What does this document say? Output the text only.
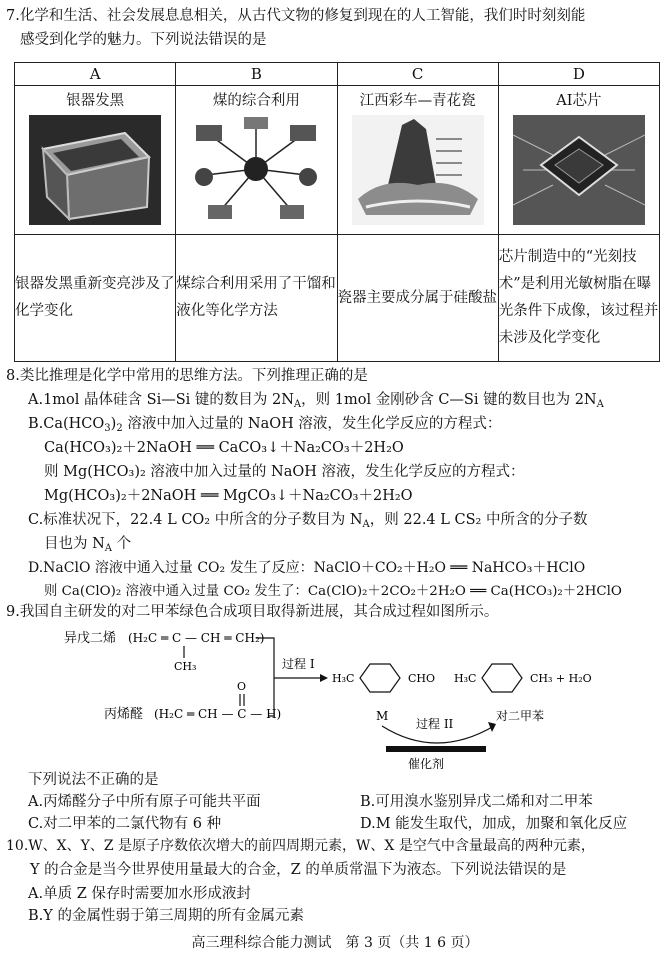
7.化学和生活、社会发展息息相关，从古代文物的修复到现在的人工智能，我们时时刻刻能
感受到化学的魅力。下列说法错误的是
A	B	C	D

银器发黑	煤的综合利用	江西彩车—青花瓷	AI芯片

银器发黑重新变亮涉及了化学变化	煤综合利用采用了干馏和液化等化学方法	瓷器主要成分属于硅酸盐	芯片制造中的“光刻技术”是利用光敏树脂在曝光条件下成像，该过程并未涉及化学变化
8.类比推理是化学中常用的思维方法。下列推理正确的是
A.1mol 晶体硅含 Si—Si 键的数目为 $2N_A$，则 1mol 金刚砂含 C—Si 键的数目也为 $2N_A$
$B.Ca(HCO_3)_2$ 溶液中加入过量的 NaOH 溶液，发生化学反应的方程式：
Ca(HCO₃)₂＋2NaOH ══ CaCO₃↓＋Na₂CO₃＋2H₂O
则 Mg(HCO₃)₂ 溶液中加入过量的 NaOH 溶液，发生化学反应的方程式：
Mg(HCO₃)₂＋2NaOH ══ MgCO₃↓＋Na₂CO₃＋2H₂O
C.标准状况下，22.4 L CO₂ 中所含的分子数目为 $N_A$，则 22.4 L CS₂ 中所含的分子数
目也为 $N_A$ 个
D.NaClO 溶液中通入过量 CO₂ 发生了反应：NaClO＋CO₂＋H₂O ══ NaHCO₃＋HClO
则 Ca(ClO)₂ 溶液中通入过量 CO₂ 发生了：Ca(ClO)₂＋2CO₂＋2H₂O ══ Ca(HCO₃)₂＋2HClO
9.我国自主研发的对二甲苯绿色合成项目取得新进展，其合成过程如图所示。
异戊二烯 (H₂C ═ C — CH ═ CH₂)
CH₃
丙烯醛 (H₂C ═ CH — C — H)
O
过程 I
H₃C	CHO H₃C	CH₃ + H₂O
M
过程 II
对二甲苯
催化剂
下列说法不正确的是
A.丙烯醛分子中所有原子可能共平面	B.可用溴水鉴别异戊二烯和对二甲苯
C.对二甲苯的二氯代物有 6 种	D.M 能发生取代，加成，加聚和氧化反应
10.W、X、Y、Z 是原子序数依次增大的前四周期元素，W、X 是空气中含量最高的两种元素，
Y 的合金是当今世界使用量最大的合金，Z 的单质常温下为液态。下列说法错误的是
A.单质 Z 保存时需要加水形成液封
B.Y 的金属性弱于第三周期的所有金属元素
高三理科综合能力测试　第 3 页（共 1 6 页）
